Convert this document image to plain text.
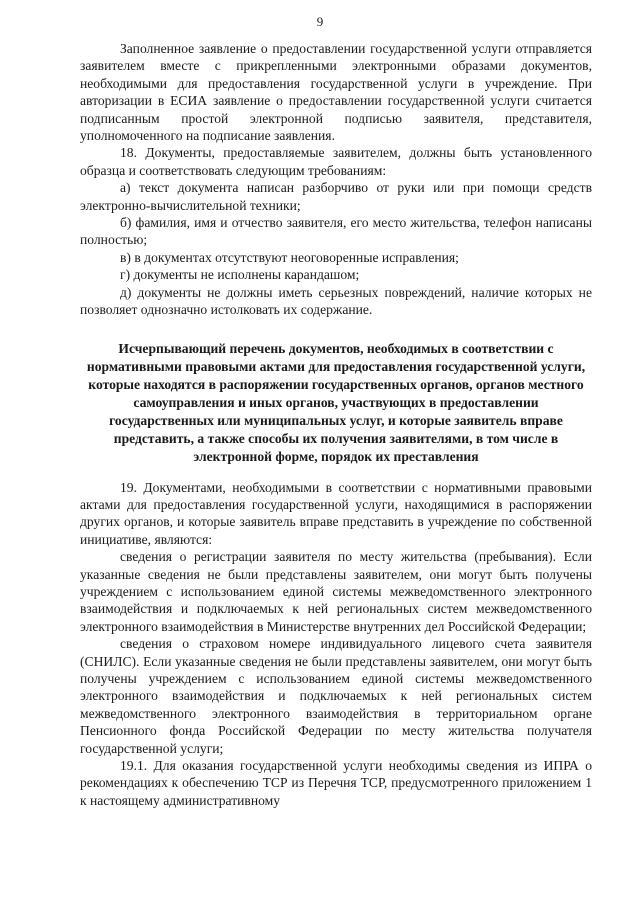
9

Заполненное заявление о предоставлении государственной услуги отправляется заявителем вместе с прикрепленными электронными образами документов, необходимыми для предоставления государственной услуги в учреждение. При авторизации в ЕСИА заявление о предоставлении государственной услуги считается подписанным простой электронной подписью заявителя, представителя, уполномоченного на подписание заявления.

18. Документы, предоставляемые заявителем, должны быть установленного образца и соответствовать следующим требованиям:

а) текст документа написан разборчиво от руки или при помощи средств электронно-вычислительной техники;

б) фамилия, имя и отчество заявителя, его место жительства, телефон написаны полностью;

в) в документах отсутствуют неоговоренные исправления;

г) документы не исполнены карандашом;

д) документы не должны иметь серьезных повреждений, наличие которых не позволяет однозначно истолковать их содержание.

Исчерпывающий перечень документов, необходимых в соответствии с нормативными правовыми актами для предоставления государственной услуги, которые находятся в распоряжении государственных органов, органов местного самоуправления и иных органов, участвующих в предоставлении государственных или муниципальных услуг, и которые заявитель вправе представить, а также способы их получения заявителями, в том числе в электронной форме, порядок их преставления

19. Документами, необходимыми в соответствии с нормативными правовыми актами для предоставления государственной услуги, находящимися в распоряжении других органов, и которые заявитель вправе представить в учреждение по собственной инициативе, являются:

сведения о регистрации заявителя по месту жительства (пребывания). Если указанные сведения не были представлены заявителем, они могут быть получены учреждением с использованием единой системы межведомственного электронного взаимодействия и подключаемых к ней региональных систем межведомственного электронного взаимодействия в Министерстве внутренних дел Российской Федерации;

сведения о страховом номере индивидуального лицевого счета заявителя (СНИЛС). Если указанные сведения не были представлены заявителем, они могут быть получены учреждением с использованием единой системы межведомственного электронного взаимодействия и подключаемых к ней региональных систем межведомственного электронного взаимодействия в территориальном органе Пенсионного фонда Российской Федерации по месту жительства получателя государственной услуги;

19.1. Для оказания государственной услуги необходимы сведения из ИПРА о рекомендациях к обеспечению ТСР из Перечня ТСР, предусмотренного приложением 1 к настоящему административному
